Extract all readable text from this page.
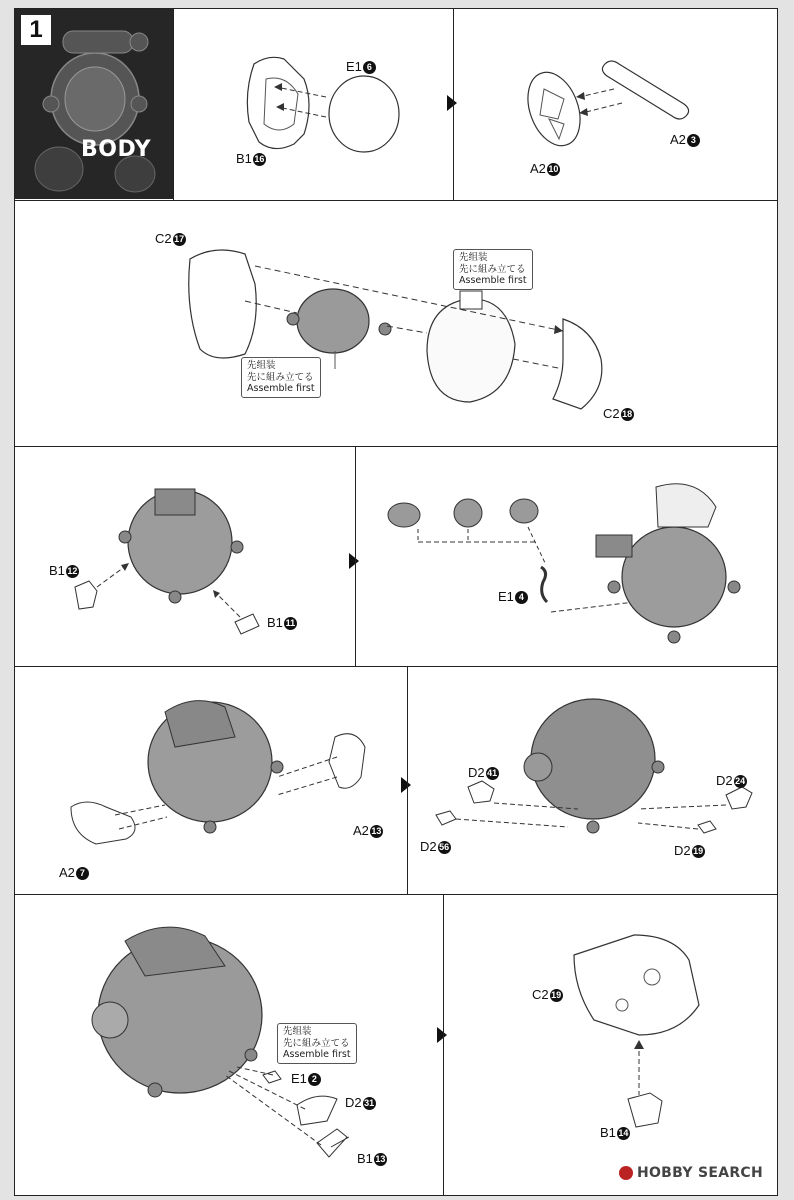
1
BODY
E1 6
B1 16
A2 3
A2 10
C2 17
C2 18
先组装
先に組み立てる
Assemble first
先组装
先に組み立てる
Assemble first
B1 12
B1 11
E1 4
A2 13
A2 7
D2 41	D2 24
D2 56	D2 19
先组装
先に組み立てる
Assemble first
E1 2
D2 31
B1 13
C2 19
B1 14
HOBBY SEARCH
